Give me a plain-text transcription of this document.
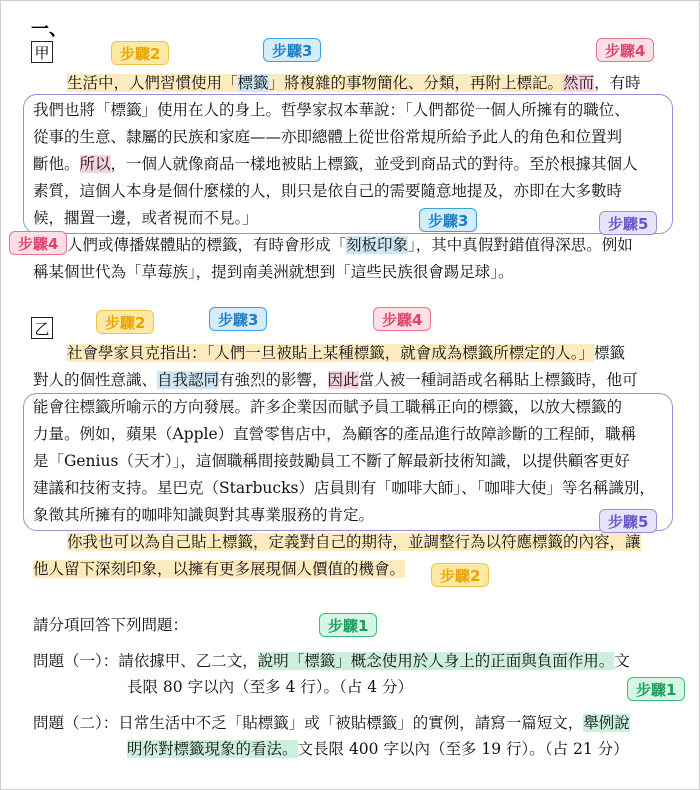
一、
甲
生活中，人們習慣使用「標籤」將複雜的事物簡化、分類，再附上標記。然而，有時
我們也將「標籤」使用在人的身上。哲學家叔本華說：「人們都從一個人所擁有的職位、
從事的生意、隸屬的民族和家庭——亦即總體上從世俗常規所給予此人的角色和位置判
斷他。所以，一個人就像商品一樣地被貼上標籤，並受到商品式的對待。至於根據其個人
素質，這個人本身是個什麼樣的人，則只是依自己的需要隨意地提及，亦即在大多數時
候，擱置一邊，或者視而不見。」
人們或傳播媒體貼的標籤，有時會形成「刻板印象」，其中真假對錯值得深思。例如
稱某個世代為「草莓族」，提到南美洲就想到「這些民族很會踢足球」。
步驟2	步驟3	步驟4
步驟4
步驟5
步驟3
乙
社會學家貝克指出：「人們一旦被貼上某種標籤，就會成為標籤所標定的人。」標籤
對人的個性意識、自我認同有強烈的影響，因此當人被一種詞語或名稱貼上標籤時，他可
能會往標籤所喻示的方向發展。許多企業因而賦予員工職稱正向的標籤，以放大標籤的
力量。例如，蘋果（Apple）直營零售店中，為顧客的產品進行故障診斷的工程師，職稱
是「Genius（天才）」，這個職稱間接鼓勵員工不斷了解最新技術知識，以提供顧客更好
建議和技術支持。星巴克（Starbucks）店員則有「咖啡大師」、「咖啡大使」等名稱識別，
象徵其所擁有的咖啡知識與對其專業服務的肯定。
你我也可以為自己貼上標籤，定義對自己的期待，並調整行為以符應標籤的內容，讓
他人留下深刻印象，以擁有更多展現個人價值的機會。
步驟2	步驟3	步驟4
步驟5
步驟2
請分項回答下列問題：	步驟1
問題（一）：請依據甲、乙二文，說明「標籤」概念使用於人身上的正面與負面作用。文
長限 80 字以內（至多 4 行）。（占 4 分）	步驟1
問題（二）：日常生活中不乏「貼標籤」或「被貼標籤」的實例，請寫一篇短文，舉例說
明你對標籤現象的看法。文長限 400 字以內（至多 19 行）。（占 21 分）
